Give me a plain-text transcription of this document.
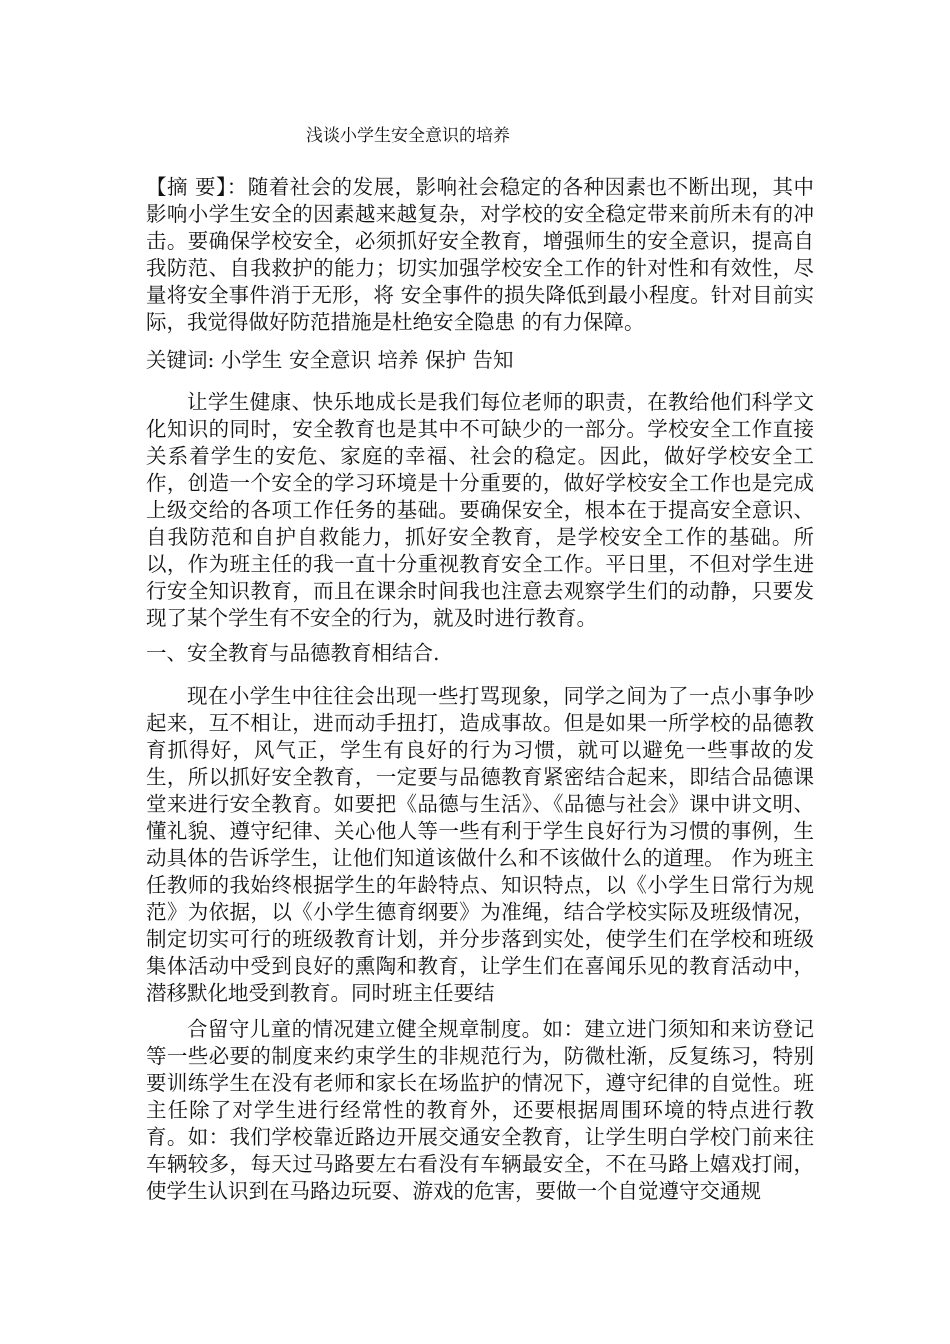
浅谈小学生安全意识的培养
【摘 要】：随着社会的发展，影响社会稳定的各种因素也不断出现，其中影响小学生安全的因素越来越复杂，对学校的安全稳定带来前所未有的冲击。要确保学校安全，必须抓好安全教育，增强师生的安全意识，提高自我防范、自我救护的能力；切实加强学校安全工作的针对性和有效性，尽量将安全事件消于无形，将 安全事件的损失降低到最小程度。针对目前实际，我觉得做好防范措施是杜绝安全隐患 的有力保障。
关键词: 小学生 安全意识 培养 保护 告知
让学生健康、快乐地成长是我们每位老师的职责，在教给他们科学文化知识的同时，安全教育也是其中不可缺少的一部分。学校安全工作直接关系着学生的安危、家庭的幸福、社会的稳定。因此，做好学校安全工作，创造一个安全的学习环境是十分重要的，做好学校安全工作也是完成上级交给的各项工作任务的基础。要确保安全，根本在于提高安全意识、自我防范和自护自救能力，抓好安全教育，是学校安全工作的基础。所以，作为班主任的我一直十分重视教育安全工作。平日里，不但对学生进行安全知识教育，而且在课余时间我也注意去观察学生们的动静，只要发现了某个学生有不安全的行为，就及时进行教育。
一、安全教育与品德教育相结合.
现在小学生中往往会出现一些打骂现象，同学之间为了一点小事争吵起来，互不相让，进而动手扭打，造成事故。但是如果一所学校的品德教育抓得好，风气正，学生有良好的行为习惯，就可以避免一些事故的发生，所以抓好安全教育，一定要与品德教育紧密结合起来，即结合品德课堂来进行安全教育。如要把《品德与生活》、《品德与社会》课中讲文明、懂礼貌、遵守纪律、关心他人等一些有利于学生良好行为习惯的事例，生动具体的告诉学生，让他们知道该做什么和不该做什么的道理。 作为班主任教师的我始终根据学生的年龄特点、知识特点，以《小学生日常行为规范》为依据，以《小学生德育纲要》为准绳，结合学校实际及班级情况，制定切实可行的班级教育计划，并分步落到实处，使学生们在学校和班级集体活动中受到良好的熏陶和教育，让学生们在喜闻乐见的教育活动中，潜移默化地受到教育。同时班主任要结
合留守儿童的情况建立健全规章制度。如：建立进门须知和来访登记等一些必要的制度来约束学生的非规范行为，防微杜渐，反复练习，特别要训练学生在没有老师和家长在场监护的情况下，遵守纪律的自觉性。班主任除了对学生进行经常性的教育外，还要根据周围环境的特点进行教育。如：我们学校靠近路边开展交通安全教育，让学生明白学校门前来往车辆较多，每天过马路要左右看没有车辆最安全，不在马路上嬉戏打闹，使学生认识到在马路边玩耍、游戏的危害，要做一个自觉遵守交通规
